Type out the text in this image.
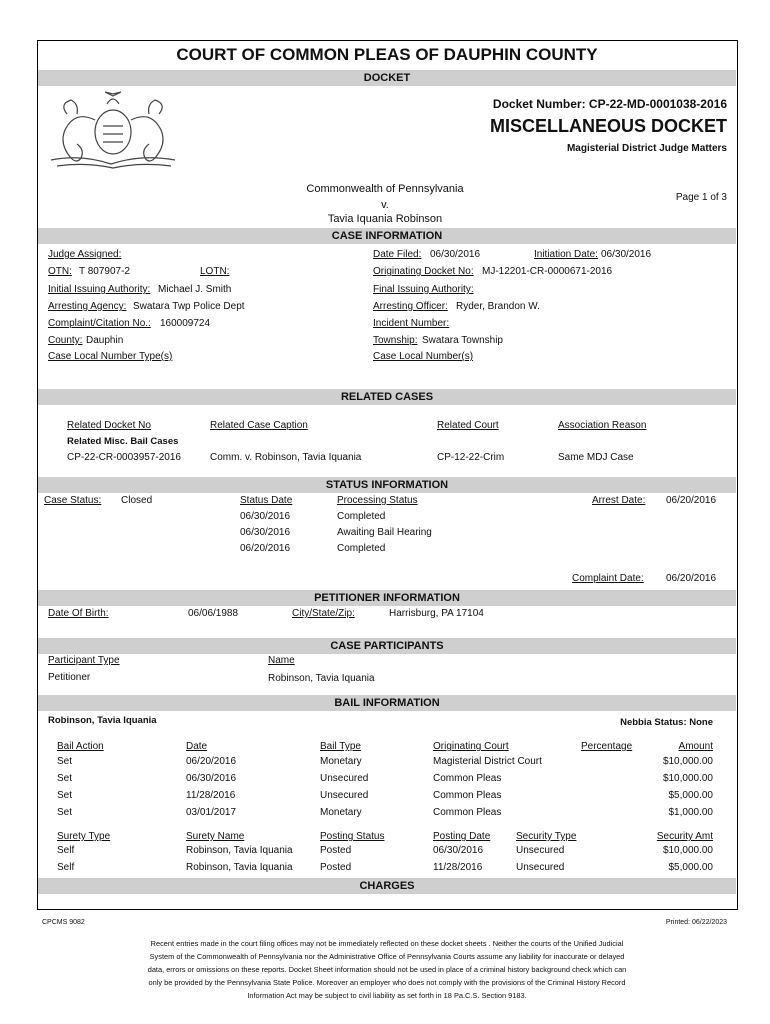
COURT OF COMMON PLEAS OF DAUPHIN COUNTY
DOCKET
Docket Number: CP-22-MD-0001038-2016
MISCELLANEOUS DOCKET
Magisterial District Judge Matters
Commonwealth of Pennsylvania
v.
Tavia Iquania Robinson
Page 1 of 3
CASE INFORMATION
Judge Assigned:	Date Filed: 06/30/2016	Initiation Date: 06/30/2016
OTN: T 807907-2	LOTN:	Originating Docket No: MJ-12201-CR-0000671-2016
Initial Issuing Authority: Michael J. Smith	Final Issuing Authority:
Arresting Agency: Swatara Twp Police Dept	Arresting Officer: Ryder, Brandon W.
Complaint/Citation No.: 160009724	Incident Number:
County: Dauphin	Township: Swatara Township
Case Local Number Type(s)	Case Local Number(s)
RELATED CASES
Related Docket No	Related Case Caption	Related Court	Association Reason
Related Misc. Bail Cases
CP-22-CR-0003957-2016	Comm. v. Robinson, Tavia Iquania	CP-12-22-Crim	Same MDJ Case
STATUS INFORMATION
Case Status: Closed	Status Date	Processing Status	Arrest Date: 06/20/2016
06/30/2016	Completed
06/30/2016	Awaiting Bail Hearing
06/20/2016	Completed
Complaint Date: 06/20/2016
PETITIONER INFORMATION
Date Of Birth:	06/06/1988	City/State/Zip:	Harrisburg, PA 17104
CASE PARTICIPANTS
Participant Type	Name
Petitioner	Robinson, Tavia Iquania
BAIL INFORMATION
Robinson, Tavia Iquania	Nebbia Status: None
Bail Action	Date	Bail Type	Originating Court	Percentage	Amount
Set	06/20/2016	Monetary	Magisterial District Court	$10,000.00
Set	06/30/2016	Unsecured	Common Pleas	$10,000.00
Set	11/28/2016	Unsecured	Common Pleas	$5,000.00
Set	03/01/2017	Monetary	Common Pleas	$1,000.00
Surety Type	Surety Name	Posting Status	Posting Date	Security Type	Security Amt
Self	Robinson, Tavia Iquania	Posted	06/30/2016	Unsecured	$10,000.00
Self	Robinson, Tavia Iquania	Posted	11/28/2016	Unsecured	$5,000.00
CHARGES
CPCMS 9082	Printed: 06/22/2023
Recent entries made in the court filing offices may not be immediately reflected on these docket sheets . Neither the courts of the Unified Judicial
System of the Commonwealth of Pennsylvania nor the Administrative Office of Pennsylvania Courts assume any liability for inaccurate or delayed
data, errors or omissions on these reports. Docket Sheet information should not be used in place of a criminal history background check which can
only be provided by the Pennsylvania State Police. Moreover an employer who does not comply with the provisions of the Criminal History Record
Information Act may be subject to civil liability as set forth in 18 Pa.C.S. Section 9183.
